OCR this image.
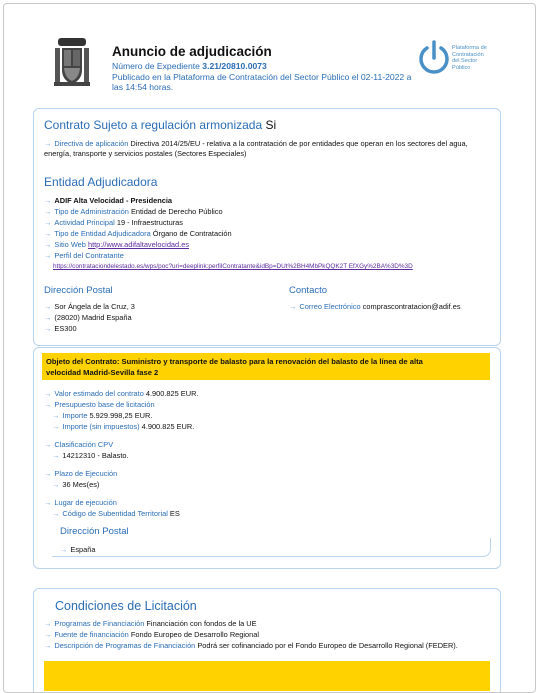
Anuncio de adjudicación
Número de Expediente 3.21/20810.0073
Publicado en la Plataforma de Contratación del Sector Público el 02-11-2022 a
las 14:54 horas.
Plataforma de
Contratación
del Sector
Público
Contrato Sujeto a regulación armonizada Si
→ Directiva de aplicación Directiva 2014/25/EU - relativa a la contratación de por entidades que operan en los sectores del agua,
energía, transporte y servicios postales (Sectores Especiales)
Entidad Adjudicadora
→ ADIF Alta Velocidad - Presidencia
→ Tipo de Administración Entidad de Derecho Público
→ Actividad Principal 19 - Infraestructuras
→ Tipo de Entidad Adjudicadora Órgano de Contratación
→ Sitio Web http://www.adifaltavelocidad.es
→ Perfil del Contratante
https://contrataciondelestado.es/wps/poc?uri=deeplink:perfilContratante&idBp=DUt%2BH4MbPkQQK2T EfXGy%2BA%3D%3D
Dirección Postal
→ Sor Ángela de la Cruz, 3
→ (28020) Madrid España
→ ES300
Contacto
→ Correo Electrónico comprascontratacion@adif.es
Objeto del Contrato: Suministro y transporte de balasto para la renovación del balasto de la línea de alta
velocidad Madrid-Sevilla fase 2
→ Valor estimado del contrato 4.900.825 EUR.
→ Presupuesto base de licitación
→ Importe 5.929.998,25 EUR.
→ Importe (sin impuestos) 4.900.825 EUR.
→ Clasificación CPV
→ 14212310 - Balasto.
→ Plazo de Ejecución
→ 36 Mes(es)
→ Lugar de ejecución
→ Código de Subentidad Territorial ES
Dirección Postal
→ España
Condiciones de Licitación
→ Programas de Financiación Financiación con fondos de la UE
→ Fuente de financiación Fondo Europeo de Desarrollo Regional
→ Descripción de Programas de Financiación Podrá ser cofinanciado por el Fondo Europeo de Desarrollo Regional (FEDER).
